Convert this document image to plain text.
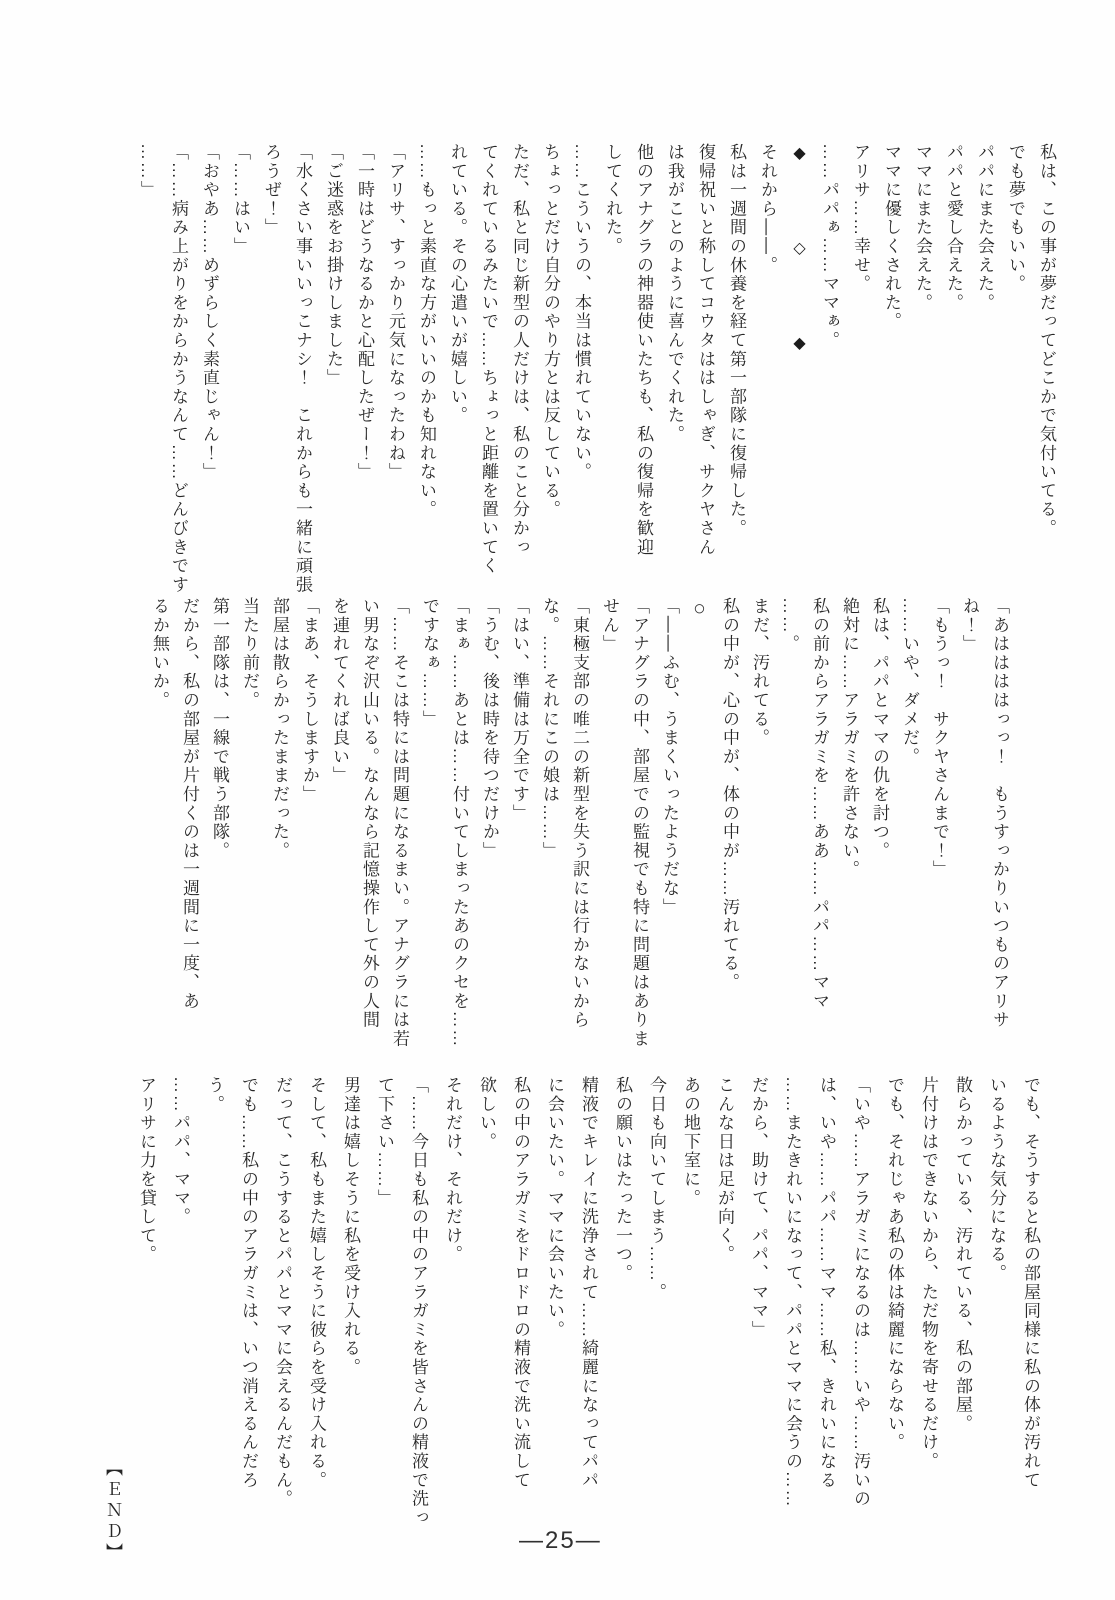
私は、この事が夢だってどこかで気付いてる。

でも夢でもいい。

パパにまた会えた。

パパと愛し合えた。

ママにまた会えた。

ママに優しくされた。

アリサ……幸せ。

……パパぁ……ママぁ。

◆　◇　◆

それから――。

私は一週間の休養を経て第一部隊に復帰した。

復帰祝いと称してコウタははしゃぎ、サクヤさん

は我がことのように喜んでくれた。

他のアナグラの神器使いたちも、私の復帰を歓迎

してくれた。

……こういうの、本当は慣れていない。

ちょっとだけ自分のやり方とは反している。

ただ、私と同じ新型の人だけは、私のこと分かっ

てくれているみたいで……ちょっと距離を置いてく

れている。その心遣いが嬉しい。

……もっと素直な方がいいのかも知れない。

「アリサ、すっかり元気になったわね」

「一時はどうなるかと心配したぜー！」

「ご迷惑をお掛けしました」

「水くさい事いいっこナシ！　これからも一緒に頑張

ろうぜ！」

「……はい」

「おやあ……めずらしく素直じゃん！」

「……病み上がりをからかうなんて……どんびきです

……」

「あははははっっ！　もうすっかりいつものアリサ

ね！」

「もうっ！　サクヤさんまで！」

……いや、ダメだ。

私は、パパとママの仇を討つ。

絶対に……アラガミを許さない。

私の前からアラガミを……ああ……パパ……ママ

……。

まだ、汚れてる。

私の中が、心の中が、体の中が……汚れてる。

○

「――ふむ、うまくいったようだな」

「アナグラの中、部屋での監視でも特に問題はありま

せん」

「東極支部の唯二の新型を失う訳には行かないから

な。……それにこの娘は……」

「はい、準備は万全です」

「うむ、後は時を待つだけか」

「まぁ……あとは……付いてしまったあのクセを……

ですなぁ……」

「……そこは特には問題になるまい。アナグラには若

い男なぞ沢山いる。なんなら記憶操作して外の人間

を連れてくれば良い」

「まあ、そうしますか」

部屋は散らかったままだった。

当たり前だ。

第一部隊は、一線で戦う部隊。

だから、私の部屋が片付くのは一週間に一度、あ

るか無いか。

でも、そうすると私の部屋同様に私の体が汚れて

いるような気分になる。

散らかっている、汚れている、私の部屋。

片付けはできないから、ただ物を寄せるだけ。

でも、それじゃあ私の体は綺麗にならない。

「いや……アラガミになるのは……いや……汚いの

は、いや……パパ……ママ……私、きれいになる

……またきれいになって、パパとママに会うの……

だから、助けて、パパ、ママ」

こんな日は足が向く。

あの地下室に。

今日も向いてしまう……。

私の願いはたった一つ。

精液でキレイに洗浄されて……綺麗になってパパ

に会いたい。ママに会いたい。

私の中のアラガミをドロドロの精液で洗い流して

欲しい。

それだけ、それだけ。

「……今日も私の中のアラガミを皆さんの精液で洗っ

て下さい……」

男達は嬉しそうに私を受け入れる。

そして、私もまた嬉しそうに彼らを受け入れる。

だって、こうするとパパとママに会えるんだもん。

でも……私の中のアラガミは、いつ消えるんだろ

う。

……パパ、ママ。

アリサに力を貸して。

【ＥＮＤ】	—25—
